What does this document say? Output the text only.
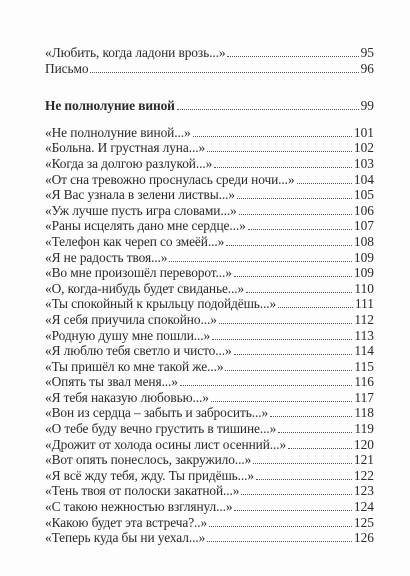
«Любить, когда ладони врозь...»	95
Письмо	96
Не полнолуние виной	99
«Не полнолуние виной...»	101
«Больна. И грустная луна...»	102
«Когда за долгою разлукой...»	103
«От сна тревожно проснулась среди ночи...»	104
«Я Вас узнала в зелени листвы...»	105
«Уж лучше пусть игра словами...»	106
«Раны исцелять дано мне сердце...»	107
«Телефон как череп со змеёй...»	108
«Я не радость твоя...»	109
«Во мне произошёл переворот...»	109
«О, когда-нибудь будет свиданье...»	110
«Ты спокойный к крыльцу подойдёшь...»	111
«Я себя приучила спокойно...»	112
«Родную душу мне пошли...»	113
«Я люблю тебя светло и чисто...»	114
«Ты пришёл ко мне такой же...»	115
«Опять ты звал меня...»	116
«Я тебя наказую любовью...»	117
«Вон из сердца – забыть и забросить...»	118
«О тебе буду вечно грустить в тишине...»	119
«Дрожит от холода осины лист осенний...»	120
«Вот опять понеслось, закружило...»	121
«Я всё жду тебя, жду. Ты придёшь...»	122
«Тень твоя от полоски закатной...»	123
«С такою нежностью взглянул...»	124
«Какою будет эта встреча?..»	125
«Теперь куда бы ни уехал...»	126
